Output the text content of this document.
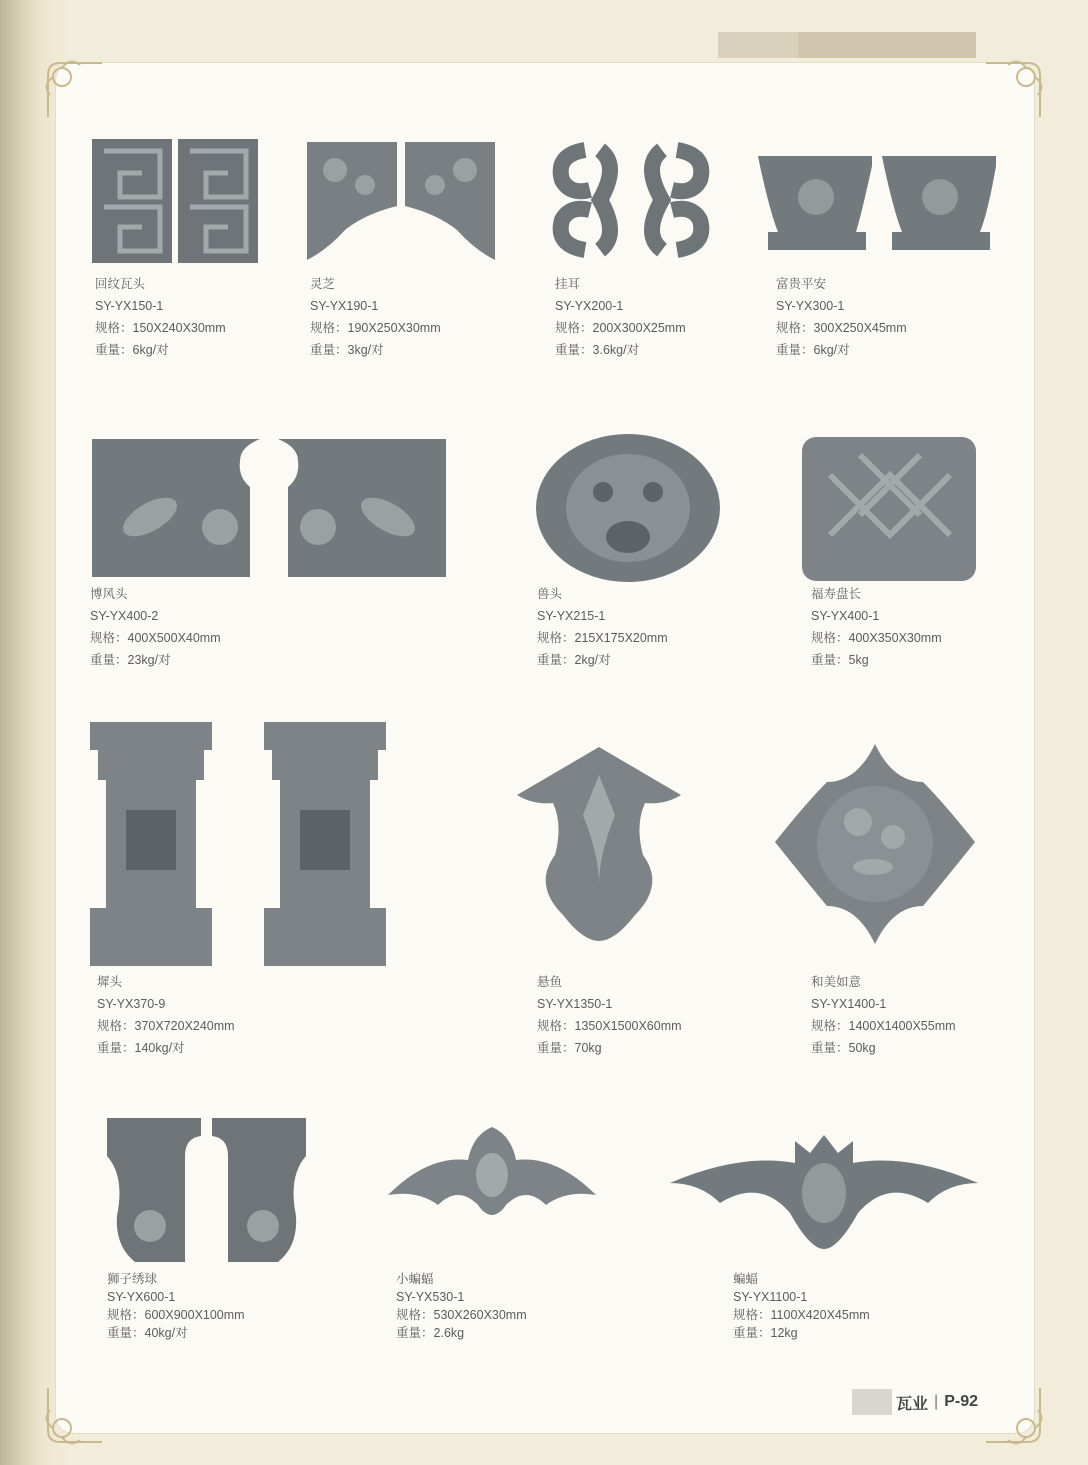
回纹瓦头
SY-YX150-1
规格：150X240X30mm
重量：6kg/对
灵芝
SY-YX190-1
规格：190X250X30mm
重量：3kg/对
挂耳
SY-YX200-1
规格：200X300X25mm
重量：3.6kg/对
富贵平安
SY-YX300-1
规格：300X250X45mm
重量：6kg/对
博风头
SY-YX400-2
规格：400X500X40mm
重量：23kg/对
兽头
SY-YX215-1
规格：215X175X20mm
重量：2kg/对
福寿盘长
SY-YX400-1
规格：400X350X30mm
重量：5kg
墀头
SY-YX370-9
规格：370X720X240mm
重量：140kg/对
悬鱼
SY-YX1350-1
规格：1350X1500X60mm
重量：70kg
和美如意
SY-YX1400-1
规格：1400X1400X55mm
重量：50kg
狮子绣球
SY-YX600-1
规格：600X900X100mm
重量：40kg/对
小蝙蝠
SY-YX530-1
规格：530X260X30mm
重量：2.6kg
蝙蝠
SY-YX1100-1
规格：1100X420X45mm
重量：12kg
瓦业 | P-92
